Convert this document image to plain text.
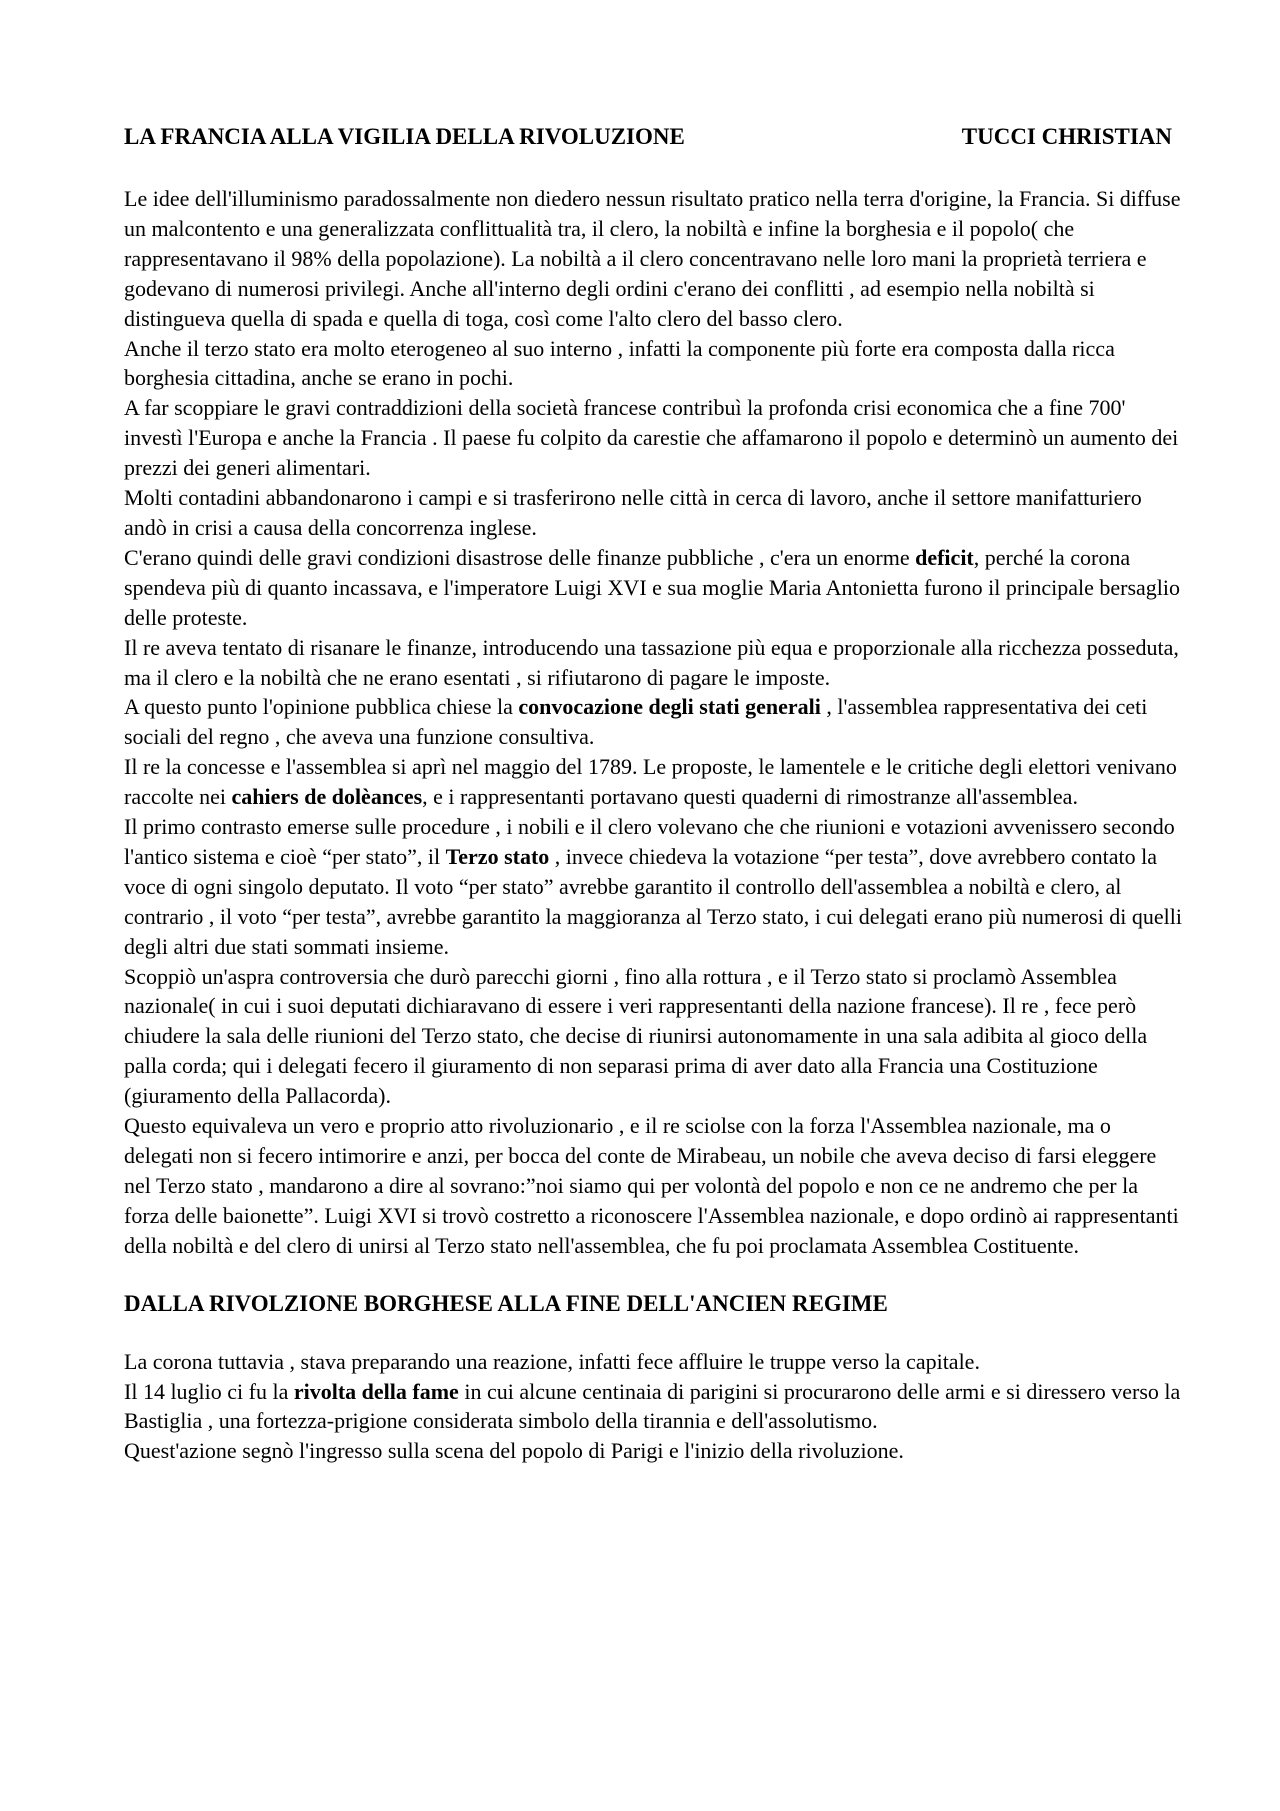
LA FRANCIA ALLA VIGILIA DELLA RIVOLUZIONE	TUCCI CHRISTIAN

Le idee dell'illuminismo paradossalmente non diedero nessun risultato pratico nella terra d'origine, la Francia. Si diffuse un malcontento e una generalizzata conflittualità tra, il clero, la nobiltà e infine la borghesia e il popolo( che rappresentavano il 98% della popolazione). La nobiltà a il clero concentravano nelle loro mani la proprietà terriera e godevano di numerosi privilegi. Anche all'interno degli ordini c'erano dei conflitti , ad esempio nella nobiltà si distingueva quella di spada e quella di toga, così come l'alto clero del basso clero.

Anche il terzo stato era molto eterogeneo al suo interno , infatti la componente più forte era composta dalla ricca borghesia cittadina, anche se erano in pochi.

A far scoppiare le gravi contraddizioni della società francese contribuì la profonda crisi economica che a fine 700' investì l'Europa e anche la Francia . Il paese fu colpito da carestie che affamarono il popolo e determinò un aumento dei prezzi dei generi alimentari.

Molti contadini abbandonarono i campi e si trasferirono nelle città in cerca di lavoro, anche il settore manifatturiero andò in crisi a causa della concorrenza inglese.

C'erano quindi delle gravi condizioni disastrose delle finanze pubbliche , c'era un enorme deficit, perché la corona spendeva più di quanto incassava, e l'imperatore Luigi XVI e sua moglie Maria Antonietta furono il principale bersaglio delle proteste.

Il re aveva tentato di risanare le finanze, introducendo una tassazione più equa e proporzionale alla ricchezza posseduta, ma il clero e la nobiltà che ne erano esentati , si rifiutarono di pagare le imposte.

A questo punto l'opinione pubblica chiese la convocazione degli stati generali , l'assemblea rappresentativa dei ceti sociali del regno , che aveva una funzione consultiva.

Il re la concesse e l'assemblea si aprì nel maggio del 1789. Le proposte, le lamentele e le critiche degli elettori venivano raccolte nei cahiers de dolèances, e i rappresentanti portavano questi quaderni di rimostranze all'assemblea.

Il primo contrasto emerse sulle procedure , i nobili e il clero volevano che che riunioni e votazioni avvenissero secondo l'antico sistema e cioè “per stato”, il Terzo stato , invece chiedeva la votazione “per testa”, dove avrebbero contato la voce di ogni singolo deputato. Il voto “per stato” avrebbe garantito il controllo dell'assemblea a nobiltà e clero, al contrario , il voto “per testa”, avrebbe garantito la maggioranza al Terzo stato, i cui delegati erano più numerosi di quelli degli altri due stati sommati insieme.

Scoppiò un'aspra controversia che durò parecchi giorni , fino alla rottura , e il Terzo stato si proclamò Assemblea nazionale( in cui i suoi deputati dichiaravano di essere i veri rappresentanti della nazione francese). Il re , fece però chiudere la sala delle riunioni del Terzo stato, che decise di riunirsi autonomamente in una sala adibita al gioco della palla corda; qui i delegati fecero il giuramento di non separasi prima di aver dato alla Francia una Costituzione (giuramento della Pallacorda).

Questo equivaleva un vero e proprio atto rivoluzionario , e il re sciolse con la forza l'Assemblea nazionale, ma o delegati non si fecero intimorire e anzi, per bocca del conte de Mirabeau, un nobile che aveva deciso di farsi eleggere nel Terzo stato , mandarono a dire al sovrano:”noi siamo qui per volontà del popolo e non ce ne andremo che per la forza delle baionette”. Luigi XVI si trovò costretto a riconoscere l'Assemblea nazionale, e dopo ordinò ai rappresentanti della nobiltà e del clero di unirsi al Terzo stato nell'assemblea, che fu poi proclamata Assemblea Costituente.

DALLA RIVOLZIONE BORGHESE ALLA FINE DELL'ANCIEN REGIME

La corona tuttavia , stava preparando una reazione, infatti fece affluire le truppe verso la capitale.

Il 14 luglio ci fu la rivolta della fame in cui alcune centinaia di parigini si procurarono delle armi e si diressero verso la Bastiglia , una fortezza-prigione considerata simbolo della tirannia e dell'assolutismo.

Quest'azione segnò l'ingresso sulla scena del popolo di Parigi e l'inizio della rivoluzione.
